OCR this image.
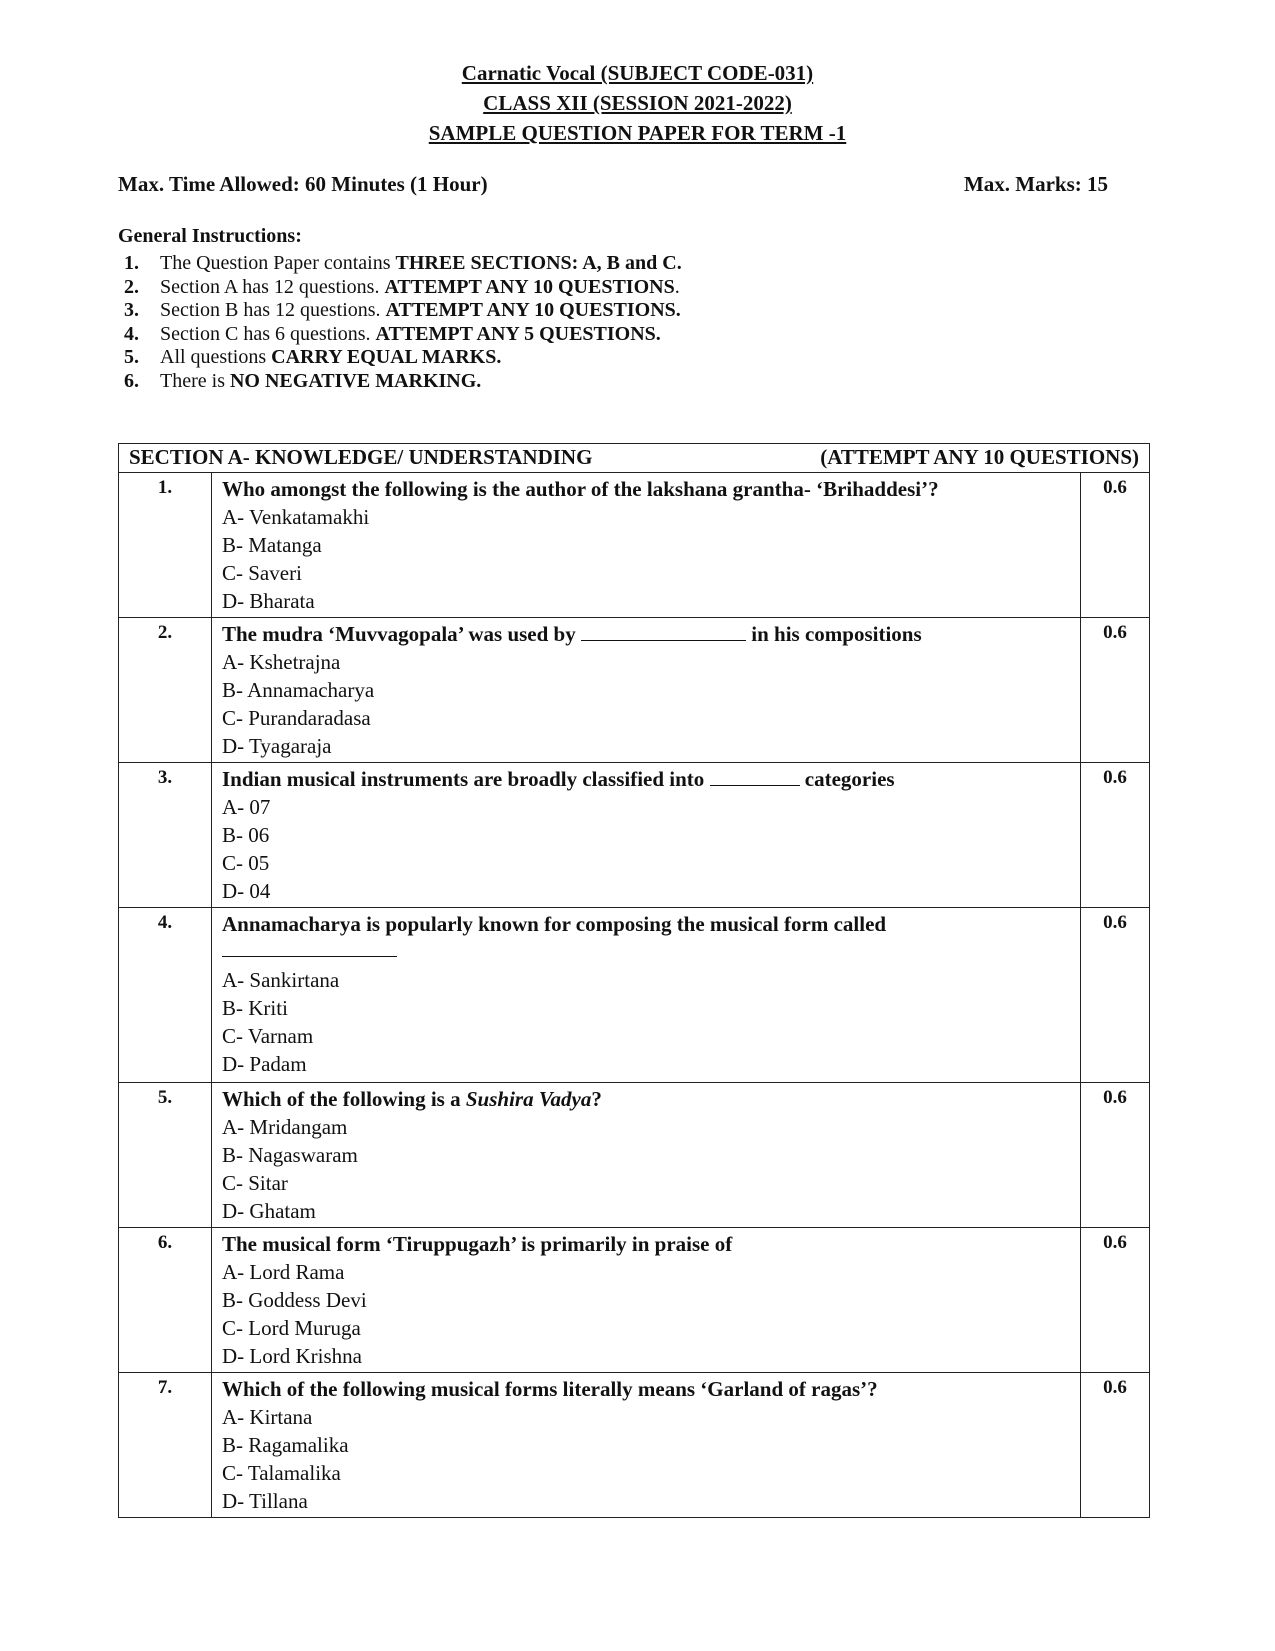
Carnatic Vocal (SUBJECT CODE-031)
CLASS XII (SESSION 2021-2022)
SAMPLE QUESTION PAPER FOR TERM -1
Max. Time Allowed: 60 Minutes (1 Hour)	Max. Marks: 15
General Instructions:
1.	The Question Paper contains THREE SECTIONS: A, B and C.
2.	Section A has 12 questions. ATTEMPT ANY 10 QUESTIONS.
3.	Section B has 12 questions. ATTEMPT ANY 10 QUESTIONS.
4.	Section C has 6 questions. ATTEMPT ANY 5 QUESTIONS.
5.	All questions CARRY EQUAL MARKS.
6.	There is NO NEGATIVE MARKING.
SECTION A- KNOWLEDGE/ UNDERSTANDING (ATTEMPT ANY 10 QUESTIONS)		

1.	Who amongst the following is the author of the lakshana grantha- ‘Brihaddesi’?
A- Venkatamakhi
B- Matanga
C- Saveri
D- Bharata	0.6
2.	The mudra ‘Muvvagopala’ was used by in his compositions
A- Kshetrajna
B- Annamacharya
C- Purandaradasa
D- Tyagaraja	0.6
3.	Indian musical instruments are broadly classified into categories
A- 07
B- 06
C- 05
D- 04	0.6
4.	Annamacharya is popularly known for composing the musical form called
A- Sankirtana
B- Kriti
C- Varnam
D- Padam	0.6
5.	Which of the following is a Sushira Vadya?
A- Mridangam
B- Nagaswaram
C- Sitar
D- Ghatam	0.6
6.	The musical form ‘Tiruppugazh’ is primarily in praise of
A- Lord Rama
B- Goddess Devi
C- Lord Muruga
D- Lord Krishna	0.6
7.	Which of the following musical forms literally means ‘Garland of ragas’?
A- Kirtana
B- Ragamalika
C- Talamalika
D- Tillana	0.6
